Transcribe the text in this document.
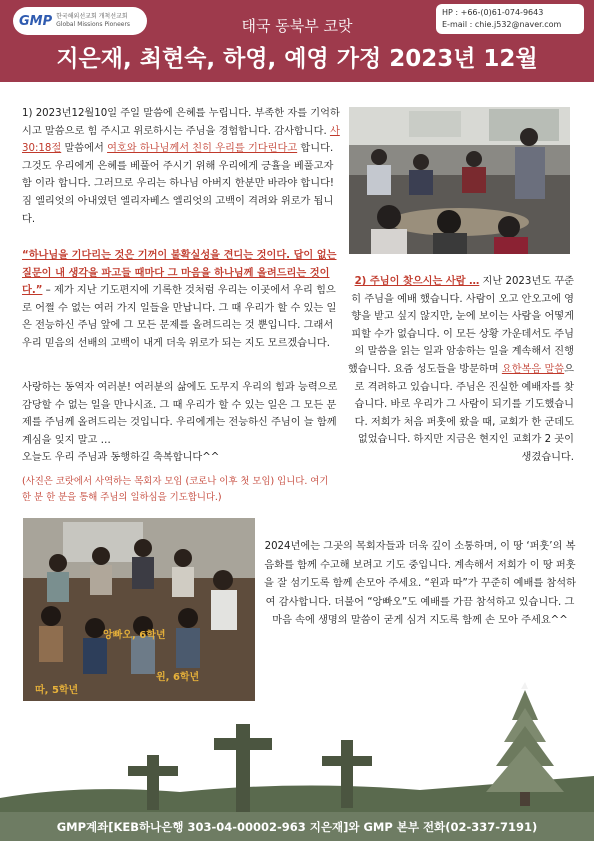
GMP 한국해외선교회 개척선교회
Global Missions Pioneers
HP : +66-(0)61-074-9643
E-mail : chie.j532@naver.com
태국 동북부 코랏
지은재, 최현숙, 하영, 예영 가정 2023년 12월
1) 2023년12월10일 주일 말씀에 은혜를 누립니다. 부족한 자를 기억하시고 말씀으로 힘 주시고 위로하시는 주님을 경험합니다. 감사합니다. 사30:18절 말씀에서 여호와 하나님께서 친히 우리를 기다린다고 합니다. 그것도 우리에게 은혜를 베풀어 주시기 위해 우리에게 긍휼을 베풀고자 함 이라 합니다. 그러므로 우리는 하나님 아버지 한분만 바라야 합니다! 짐 엘리엇의 아내였던 엘리자베스 엘리엇의 고백이 격려와 위로가 됩니다.
“하나님을 기다리는 것은 기꺼이 불확실성을 견디는 것이다. 답이 없는 질문이 내 생각을 파고들 때마다 그 마음을 하나님께 올려드리는 것이다.” – 제가 지난 기도편지에 기록한 것처럼 우리는 이곳에서 우리 힘으로 어쩔 수 없는 여러 가지 일들을 만납니다. 그 때 우리가 할 수 있는 일은 전능하신 주님 앞에 그 모든 문제를 올려드리는 것 뿐입니다. 그래서 우리 믿음의 선배의 고백이 내게 더욱 위로가 되는 지도 모르겠습니다.
사랑하는 동역자 여러분! 여러분의 삶에도 도무지 우리의 힘과 능력으로 감당할 수 없는 일을 만나시죠. 그 때 우리가 할 수 있는 일은 그 모든 문제를 주님께 올려드리는 것입니다. 우리에게는 전능하신 주님이 늘 함께 계심을 잊지 말고 …
오늘도 우리 주님과 동행하길 축복합니다^^
(사진은 코랏에서 사역하는 목회자 모임 (코로나 이후 첫 모임) 입니다. 여기 한 분 한 분을 통해 주님의 일하심을 기도합니다.)
2) 주님이 찾으시는 사람 … 지난 2023년도 꾸준히 주님을 예배 했습니다. 사람이 오고 안오고에 영향을 받고 싶지 않지만, 눈에 보이는 사람을 어떻게 피할 수가 없습니다. 이 모든 상황 가운데서도 주님의 말씀을 읽는 일과 암송하는 일을 계속해서 진행했습니다. 요즘 성도들을 방문하며 요한복음 말씀으로 격려하고 있습니다. 주님은 진실한 예배자를 찾습니다. 바로 우리가 그 사람이 되기를 기도했습니다. 저희가 처음 퍼훗에 왔을 때, 교회가 한 군데도 없었습니다. 하지만 지금은 현지인 교회가 2 곳이 생겼습니다.
앙빠오, 6학년
윈, 6학년
따, 5학년
2024년에는 그곳의 목회자들과 더욱 깊이 소통하며, 이 땅 ‘퍼훗’의 복음화를 함께 수고해 보려고 기도 중입니다. 계속해서 저희가 이 땅 퍼훗을 잘 섬기도록 함께 손모아 주세요. “윈과 따”가 꾸준히 예배를 참석하여 감사합니다. 더불어 “앙빠오”도 예배를 가끔 참석하고 있습니다. 그 마음 속에 생명의 말씀이 굳게 심겨 지도록 함께 손 모아 주세요^^
GMP계좌[KEB하나은행 303-04-00002-963 지은재]와 GMP 본부 전화(02-337-7191)
